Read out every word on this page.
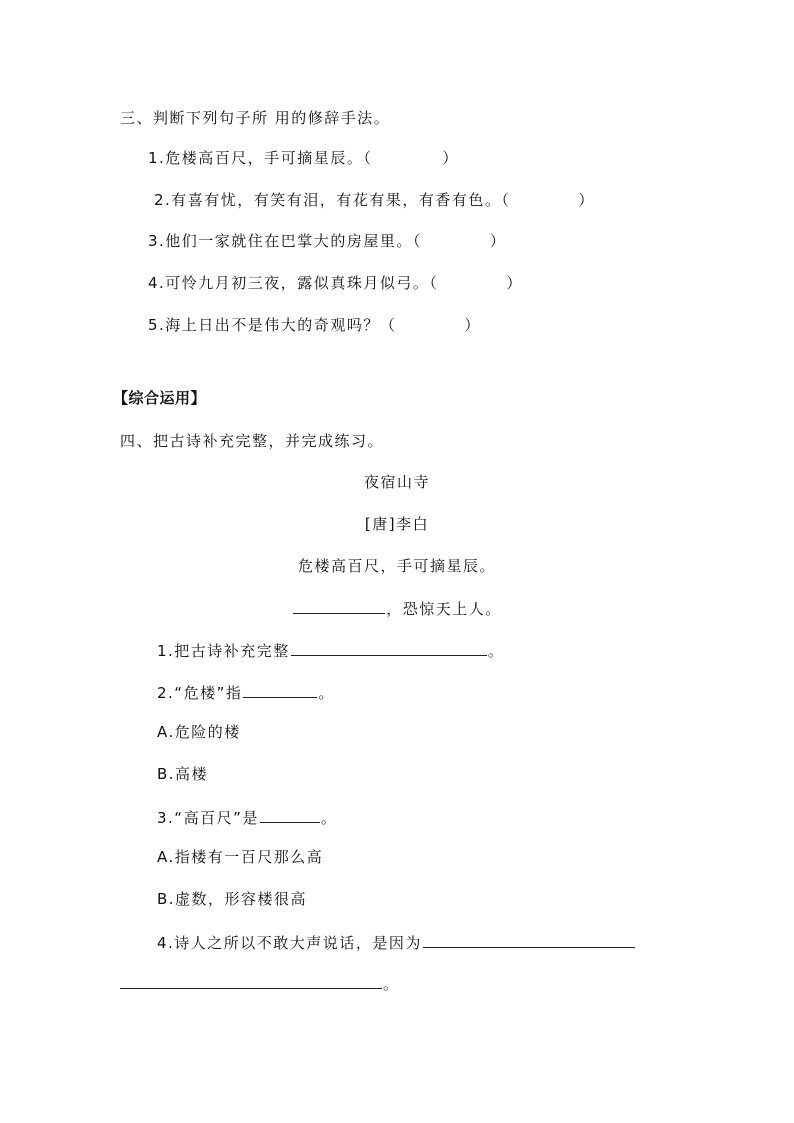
三、判断下列句子所 用的修辞手法。
1.危楼高百尺，手可摘星辰。（	）
2.有喜有忧，有笑有泪，有花有果，有香有色。（	）
3.他们一家就住在巴掌大的房屋里。（	）
4.可怜九月初三夜，露似真珠月似弓。（	）
5.海上日出不是伟大的奇观吗？（	）
【综合运用】
四、把古诗补充完整，并完成练习。
夜宿山寺
[唐]李白
危楼高百尺，手可摘星辰。
，恐惊天上人。
1.把古诗补充完整	。
2.“危楼”指	。
A.危险的楼
B.高楼
3.“高百尺”是	。
A.指楼有一百尺那么高
B.虚数，形容楼很高
4.诗人之所以不敢大声说话，是因为
。
